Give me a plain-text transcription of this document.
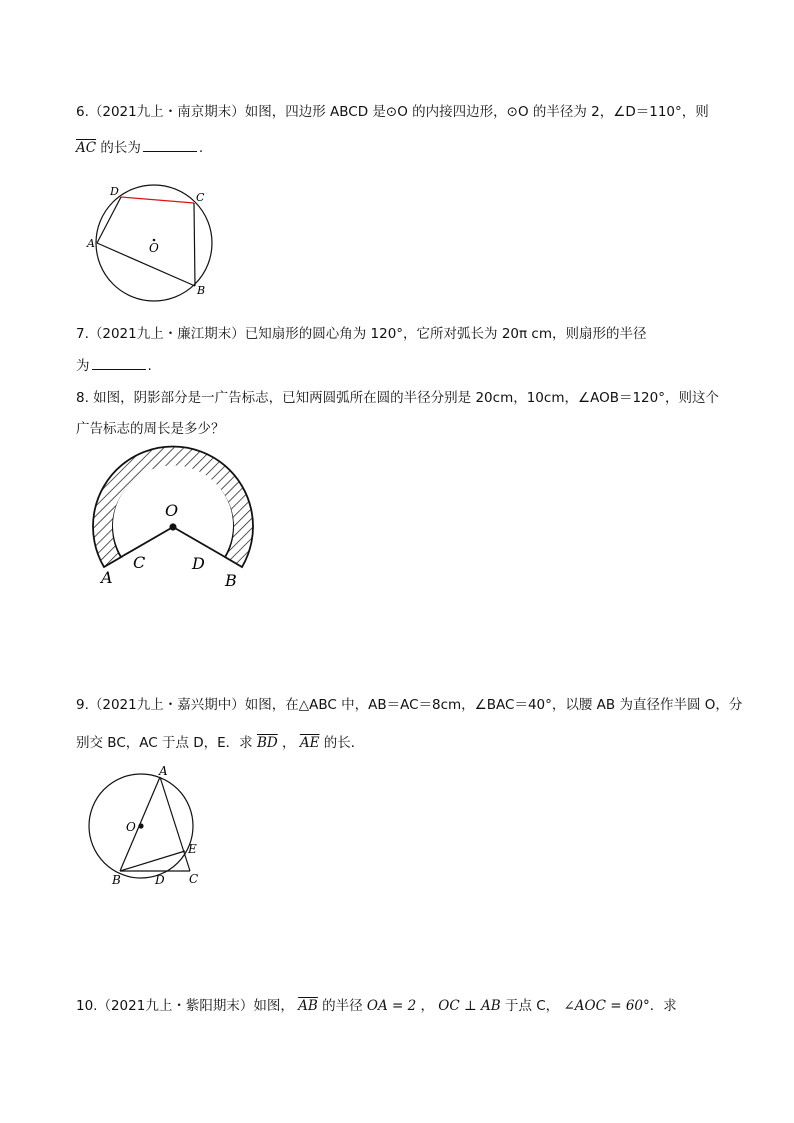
6.（2021九上・南京期末）如图，四边形 ABCD 是⊙O 的内接四边形，⊙O 的半径为 2，∠D＝110°，则
$\overline{AC}$ 的长为	.
D	C
A	O
B
7.（2021九上・廉江期末）已知扇形的圆心角为 120°，它所对弧长为 20π cm，则扇形的半径
为	.
8. 如图，阴影部分是一广告标志，已知两圆弧所在圆的半径分别是 20cm，10cm，∠AOB＝120°，则这个
广告标志的周长是多少？
O
A
C	D
B
9.（2021九上・嘉兴期中）如图，在△ABC 中，AB＝AC＝8cm，∠BAC＝40°，以腰 AB 为直径作半圆 O，分
别交 BC，AC 于点 D，E．求 $\overline{BD}$ ， $\overline{AE}$ 的长．
A
O
E
B	D C
10.（2021九上・紫阳期末）如图， $\overline{AB}$ 的半径 OA = 2 ， OC ⊥ AB 于点 C， ∠AOC = 60°．求
